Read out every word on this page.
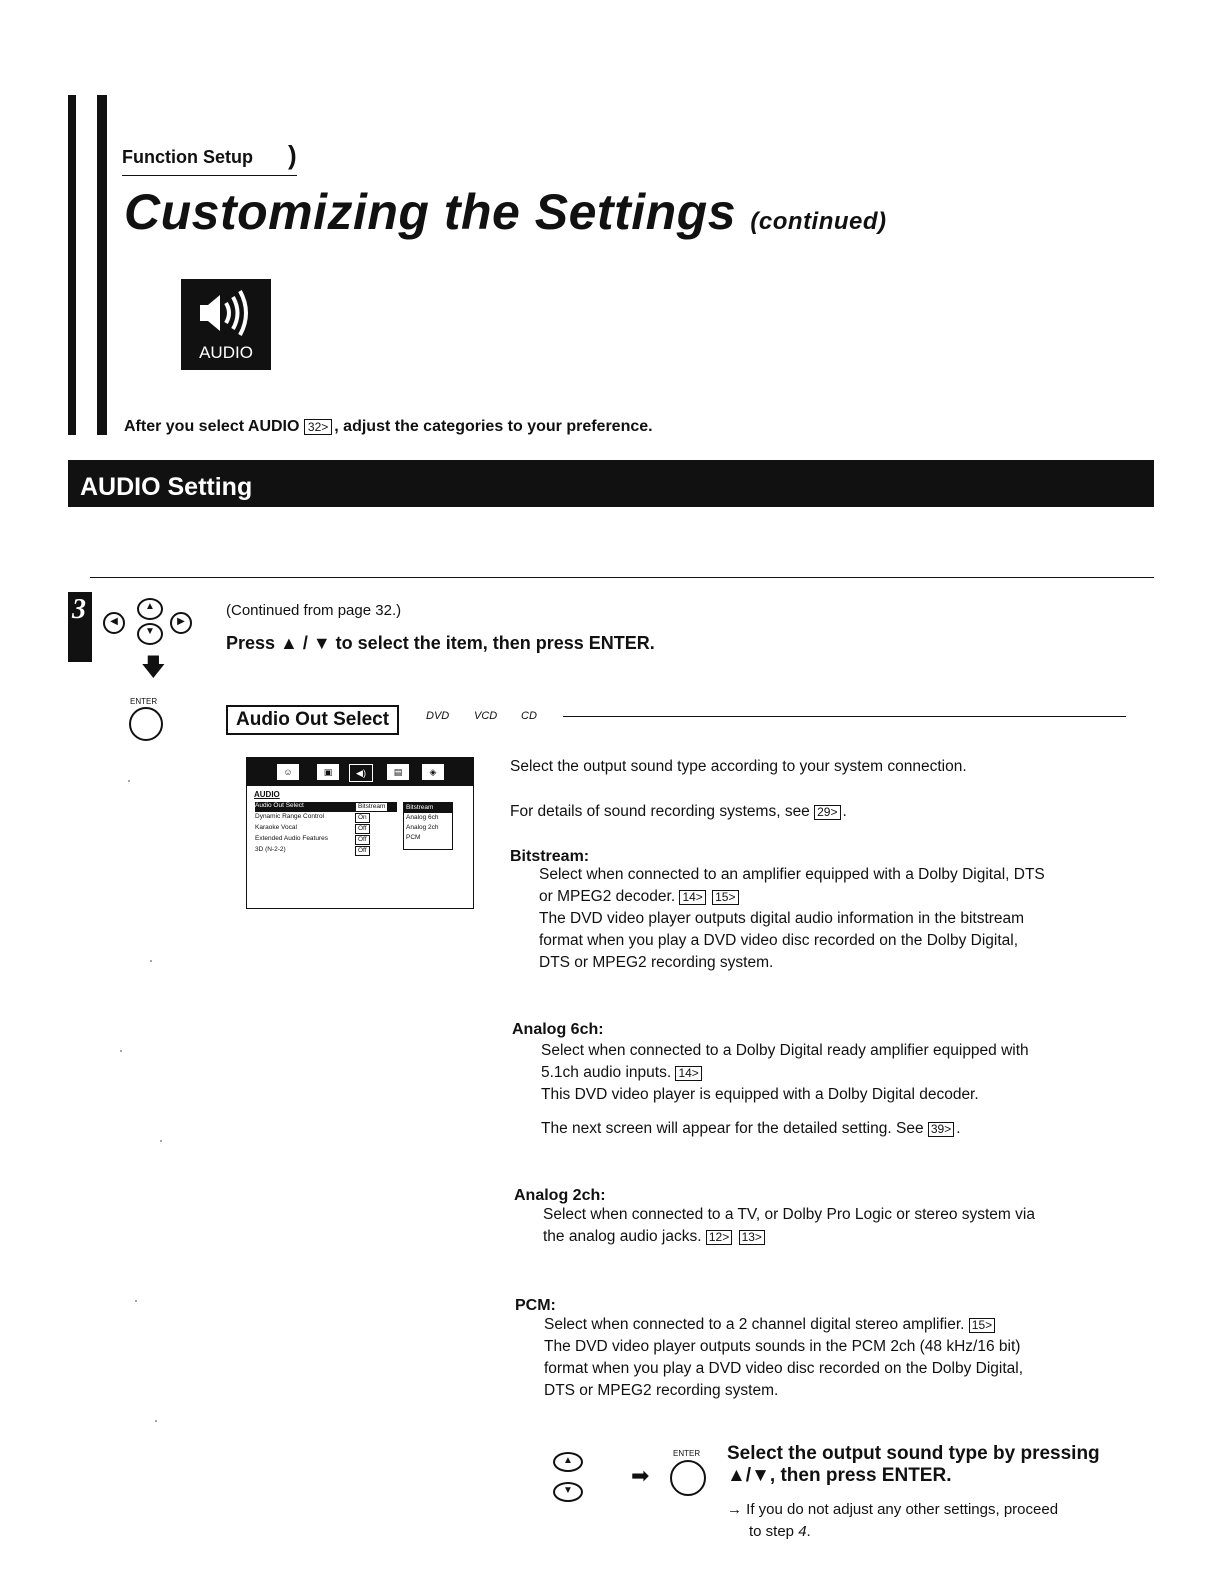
Function Setup )
Customizing the Settings (continued)
AUDIO
After you select AUDIO 32> , adjust the categories to your preference.
AUDIO Setting
3	◀
▲
▼
▶
🡇
ENTER
(Continued from page 32.)
Press ▲ / ▼ to select the item, then press ENTER.
Audio Out Select	DVD VCD CD
☺	▣	◀)	▤	◈
AUDIO
Audio Out Select	Bitstream
Dynamic Range Control	On
Karaoke Vocal	Off
Extended Audio Features	Off
3D (N-2-2)	Off
Bitstream
Analog 6ch
Analog 2ch
PCM
Select the output sound type according to your system connection.
For details of sound recording systems, see 29> .
Bitstream:
Select when connected to an amplifier equipped with a Dolby Digital, DTS
or MPEG2 decoder. 14> 15>
The DVD video player outputs digital audio information in the bitstream
format when you play a DVD video disc recorded on the Dolby Digital,
DTS or MPEG2 recording system.
Analog 6ch:
Select when connected to a Dolby Digital ready amplifier equipped with
5.1ch audio inputs. 14>
This DVD video player is equipped with a Dolby Digital decoder.
The next screen will appear for the detailed setting. See 39> .
Analog 2ch:
Select when connected to a TV, or Dolby Pro Logic or stereo system via
the analog audio jacks. 12> 13>
PCM:
Select when connected to a 2 channel digital stereo amplifier. 15>
The DVD video player outputs sounds in the PCM 2ch (48 kHz/16 bit)
format when you play a DVD video disc recorded on the Dolby Digital,
DTS or MPEG2 recording system.
▲
▼
➡
ENTER Select the output sound type by pressing
▲/▼, then press ENTER.
→ If you do not adjust any other settings, proceed
to step 4.
